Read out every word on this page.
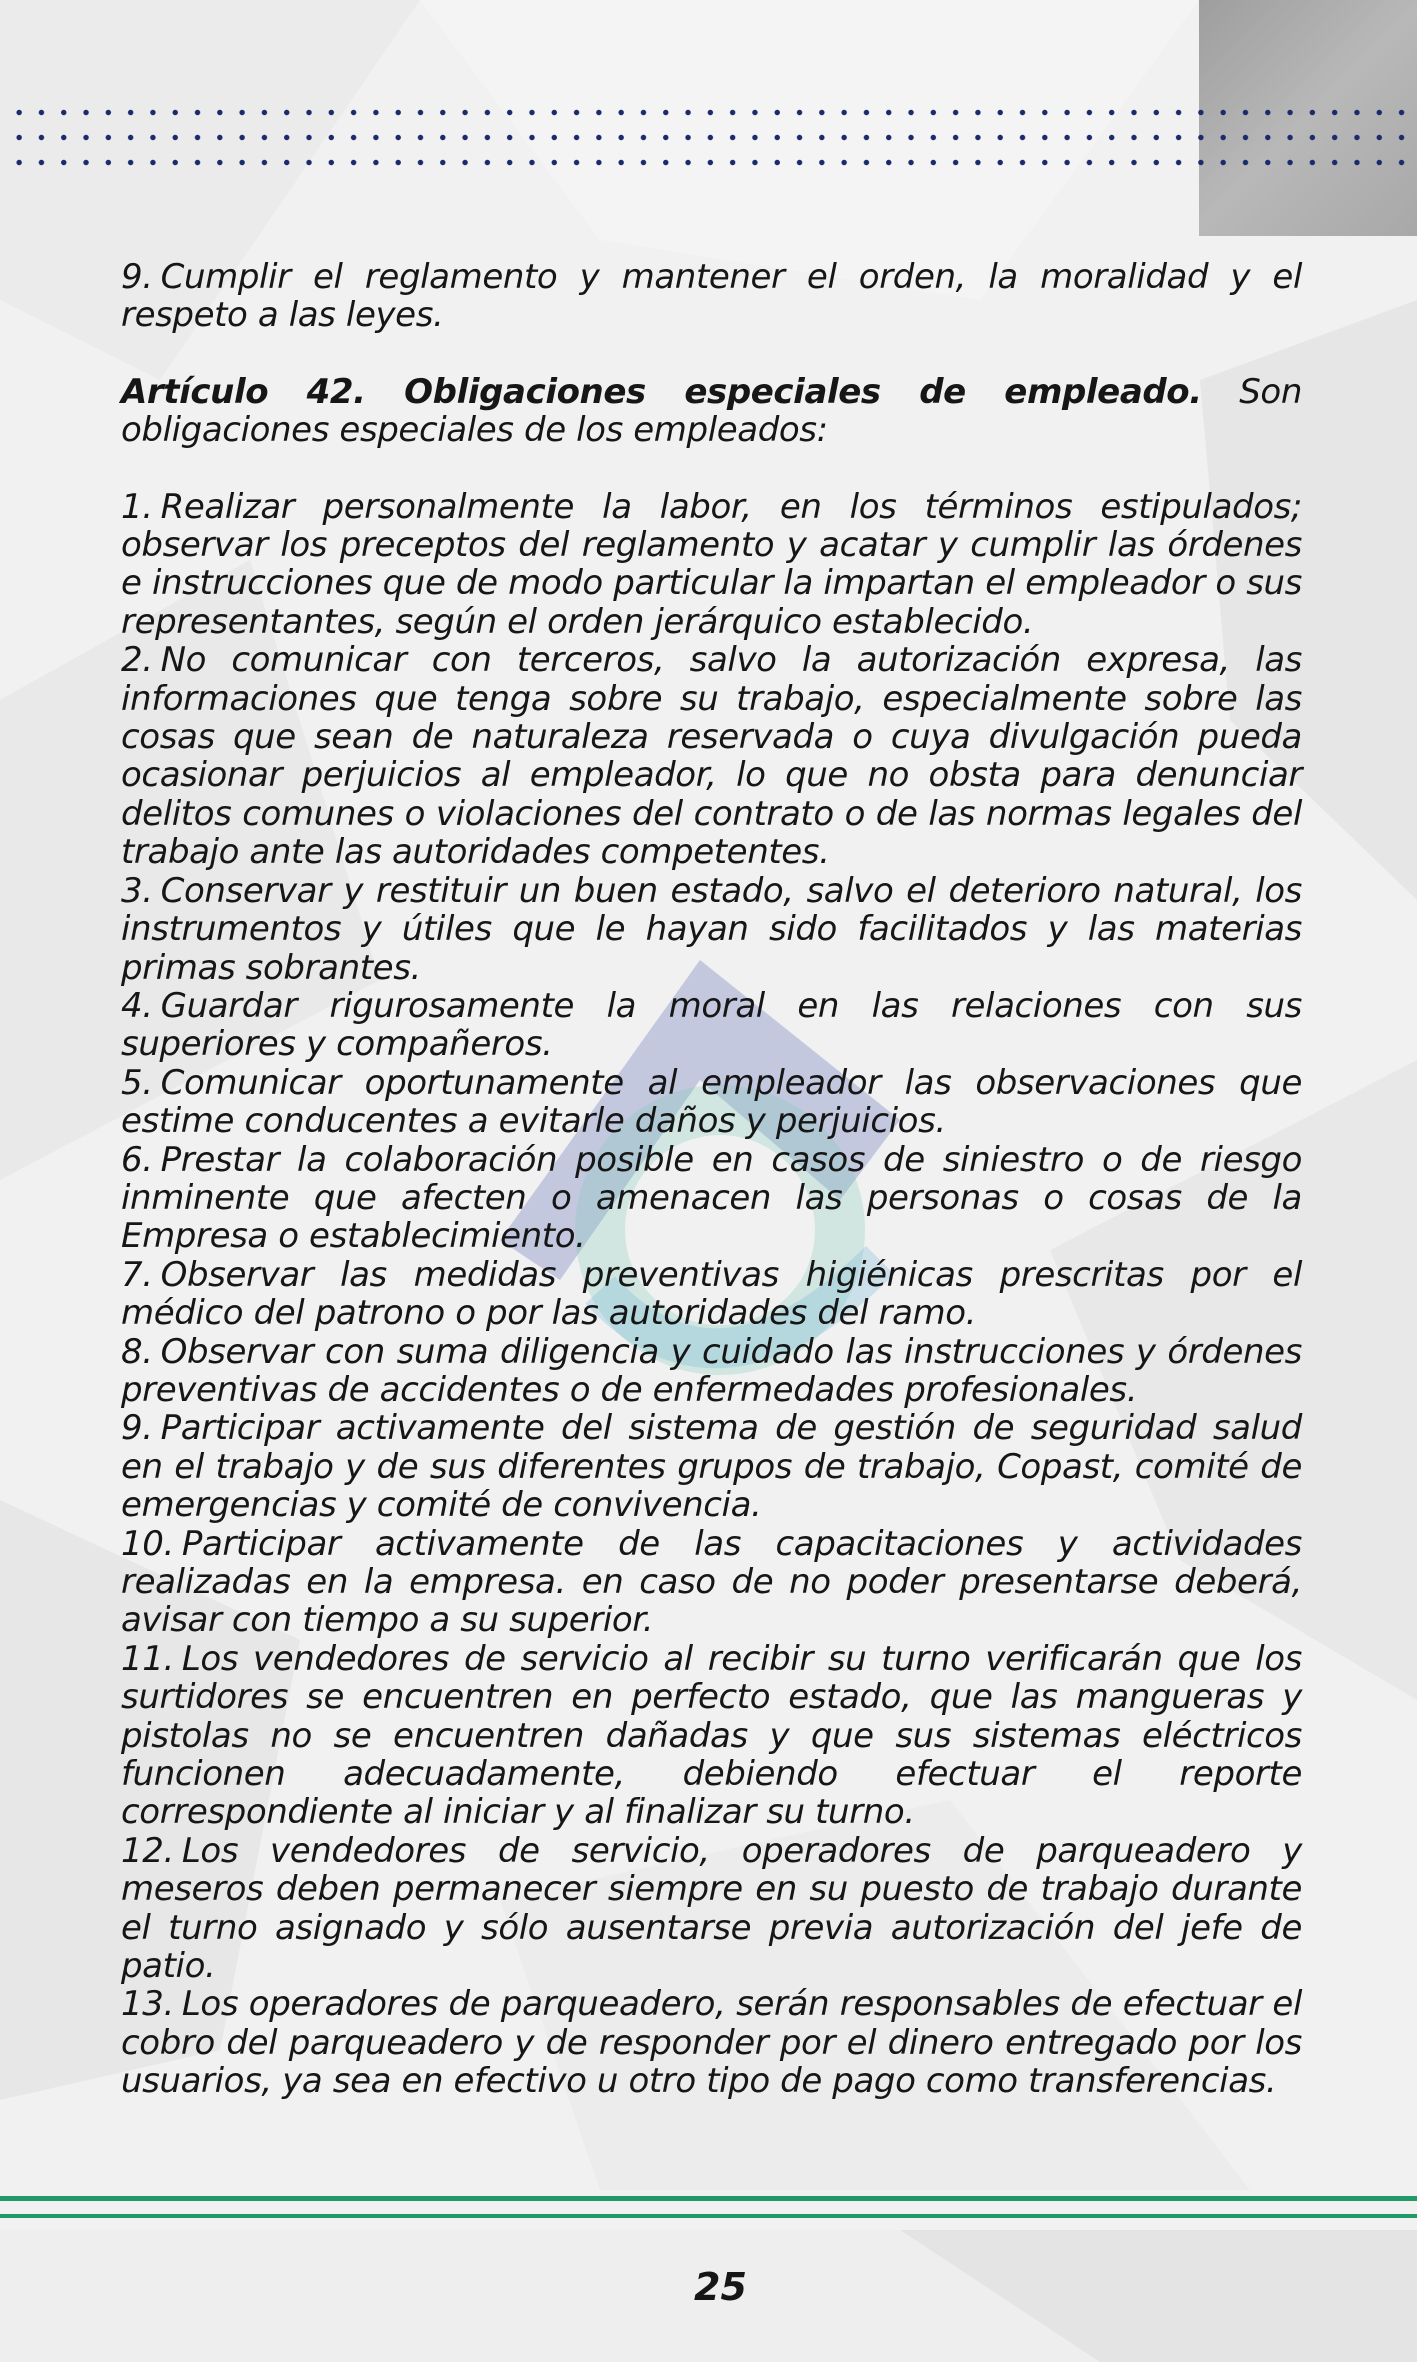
9. Cumplir el reglamento y mantener el orden, la moralidad y el respeto a las leyes.

Artículo 42. Obligaciones especiales de empleado. Son obligaciones especiales de los empleados:

1. Realizar personalmente la labor, en los términos estipulados; observar los preceptos del reglamento y acatar y cumplir las órdenes e instrucciones que de modo particular la impartan el empleador o sus representantes, según el orden jerárquico establecido.

2. No comunicar con terceros, salvo la autorización expresa, las informaciones que tenga sobre su trabajo, especialmente sobre las cosas que sean de naturaleza reservada o cuya divulgación pueda ocasionar perjuicios al empleador, lo que no obsta para denunciar delitos comunes o violaciones del contrato o de las normas legales del trabajo ante las autoridades competentes.

3. Conservar y restituir un buen estado, salvo el deterioro natural, los instrumentos y útiles que le hayan sido facilitados y las materias primas sobrantes.

4. Guardar rigurosamente la moral en las relaciones con sus superiores y compañeros.

5. Comunicar oportunamente al empleador las observaciones que estime conducentes a evitarle daños y perjuicios.

6. Prestar la colaboración posible en casos de siniestro o de riesgo inminente que afecten o amenacen las personas o cosas de la Empresa o establecimiento.

7. Observar las medidas preventivas higiénicas prescritas por el médico del patrono o por las autoridades del ramo.

8. Observar con suma diligencia y cuidado las instrucciones y órdenes preventivas de accidentes o de enfermedades profesionales.

9. Participar activamente del sistema de gestión de seguridad salud en el trabajo y de sus diferentes grupos de trabajo, Copast, comité de emergencias y comité de convivencia.

10. Participar activamente de las capacitaciones y actividades realizadas en la empresa. en caso de no poder presentarse deberá, avisar con tiempo a su superior.

11. Los vendedores de servicio al recibir su turno verificarán que los surtidores se encuentren en perfecto estado, que las mangueras y pistolas no se encuentren dañadas y que sus sistemas eléctricos funcionen adecuadamente, debiendo efectuar el reporte correspondiente al iniciar y al finalizar su turno.

12. Los vendedores de servicio, operadores de parqueadero y meseros deben permanecer siempre en su puesto de trabajo durante el turno asignado y sólo ausentarse previa autorización del jefe de patio.

13. Los operadores de parqueadero, serán responsables de efectuar el cobro del parqueadero y de responder por el dinero entregado por los usuarios, ya sea en efectivo u otro tipo de pago como transferencias.

25
